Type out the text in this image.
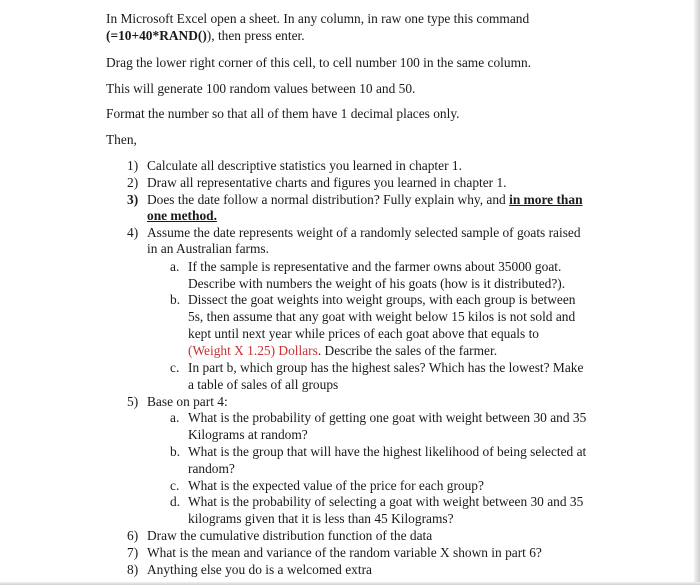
In Microsoft Excel open a sheet. In any column, in raw one type this command
(=10+40*RAND()), then press enter.
Drag the lower right corner of this cell, to cell number 100 in the same column.
This will generate 100 random values between 10 and 50.
Format the number so that all of them have 1 decimal places only.
Then,
1) Calculate all descriptive statistics you learned in chapter 1.
2) Draw all representative charts and figures you learned in chapter 1.
3) Does the date follow a normal distribution? Fully explain why, and in more than
one method.
4) Assume the date represents weight of a randomly selected sample of goats raised
in an Australian farms.
a. If the sample is representative and the farmer owns about 35000 goat.
Describe with numbers the weight of his goats (how is it distributed?).
b. Dissect the goat weights into weight groups, with each group is between
5s, then assume that any goat with weight below 15 kilos is not sold and
kept until next year while prices of each goat above that equals to
(Weight X 1.25) Dollars. Describe the sales of the farmer.
c. In part b, which group has the highest sales? Which has the lowest? Make
a table of sales of all groups
5) Base on part 4:
a. What is the probability of getting one goat with weight between 30 and 35
Kilograms at random?
b. What is the group that will have the highest likelihood of being selected at
random?
c. What is the expected value of the price for each group?
d. What is the probability of selecting a goat with weight between 30 and 35
kilograms given that it is less than 45 Kilograms?
6) Draw the cumulative distribution function of the data
7) What is the mean and variance of the random variable X shown in part 6?
8) Anything else you do is a welcomed extra
